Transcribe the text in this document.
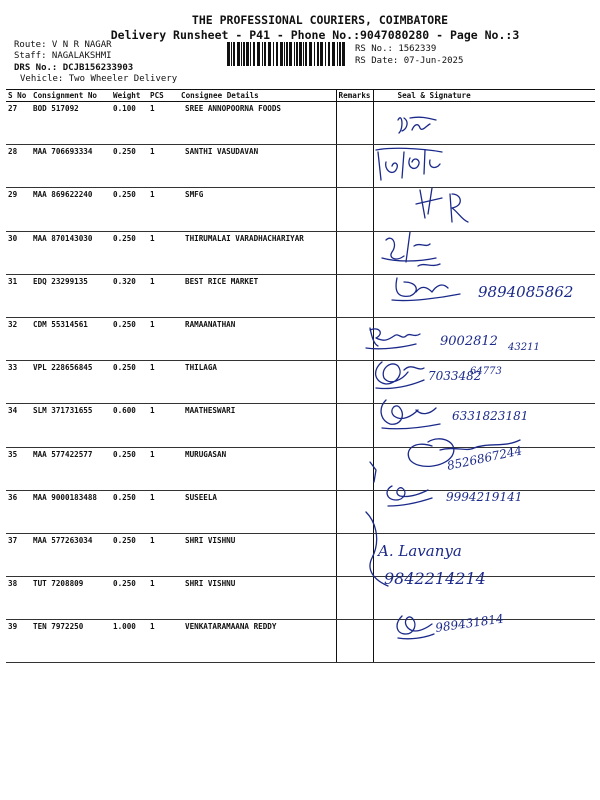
THE PROFESSIONAL COURIERS, COIMBATORE
Delivery Runsheet - P41 - Phone No.:9047080280 - Page No.:3
Route: V N R NAGAR
Staff: NAGALAKSHMI
DRS No.: DCJB156233903
Vehicle: Two Wheeler Delivery
RS No.: 1562339
RS Date: 07-Jun-2025
S No	Consignment No	Weight	PCS	Consignee Details	Remarks	Seal & Signature
27	BOD 517092	0.100	1	SREE ANNOPOORNA FOODS		
28	MAA 706693334	0.250	1	SANTHI VASUDAVAN		
29	MAA 869622240	0.250	1	SMFG		
30	MAA 870143030	0.250	1	THIRUMALAI VARADHACHARIYAR		
31	EDQ 23299135	0.320	1	BEST RICE MARKET		
32	CDM 55314561	0.250	1	RAMAANATHAN		
33	VPL 228656845	0.250	1	THILAGA		
34	SLM 371731655	0.600	1	MAATHESWARI		
35	MAA 577422577	0.250	1	MURUGASAN		
36	MAA 9000183488	0.250	1	SUSEELA		
37	MAA 577263034	0.250	1	SHRI VISHNU		
38	TUT 7208809	0.250	1	SHRI VISHNU		
39	TEN 7972250	1.000	1	VENKATARAMAANA REDDY		
9894085862
9002812 43211
7033482
64773
6331823181
8526867244
9994219141
A. Lavanya
9842214214
989431814
